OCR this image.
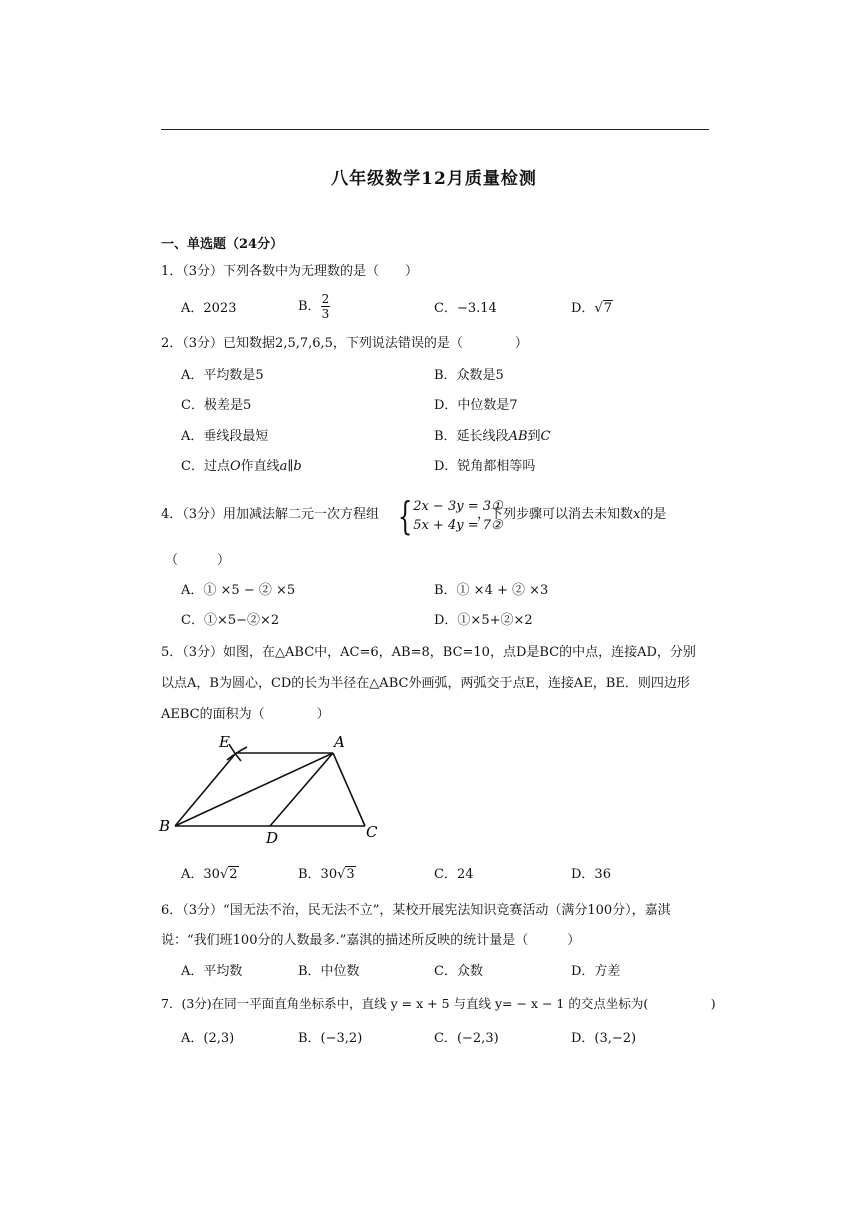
八年级数学12月质量检测
一、单选题（24分）
1．（3分）下列各数中为无理数的是（　　）
A．2023	B． $\frac{2}{3}$	C．−3.14	D．√7
2．（3分）已知数据2,5,7,6,5，下列说法错误的是（　　　　）
A．平均数是5	B．众数是5
C．极差是5	D．中位数是7
A．垂线段最短	B．延长线段AB到C
C．过点O作直线a∥b	D．锐角都相等吗
4．（3分）用加减法解二元一次方程组 { 2x − 3y = 3①
5x + 4y = 7②
，下列步骤可以消去未知数x的是
（　　　）
A．① ×5 − ② ×5	B．① ×4 + ② ×3
C．①×5−②×2	D．①×5+②×2
5．（3分）如图，在△ABC中，AC=6，AB=8，BC=10，点D是BC的中点，连接AD，分别
以点A，B为圆心，CD的长为半径在△ABC外画弧，两弧交于点E，连接AE，BE．则四边形
AEBC的面积为（　　　　）
E	A
B
D	C
A．30√2	B．30√3	C．24	D．36
6．（3分）“国无法不治，民无法不立”，某校开展宪法知识竞赛活动（满分100分），嘉淇
说：“我们班100分的人数最多.”嘉淇的描述所反映的统计量是（　　　）
A．平均数	B．中位数	C．众数	D．方差
7．(3分)在同一平面直角坐标系中，直线 y = x + 5 与直线 y= − x − 1 的交点坐标为(　　　　　)
A．(2,3)	B．(−3,2)	C．(−2,3)	D．(3,−2)
